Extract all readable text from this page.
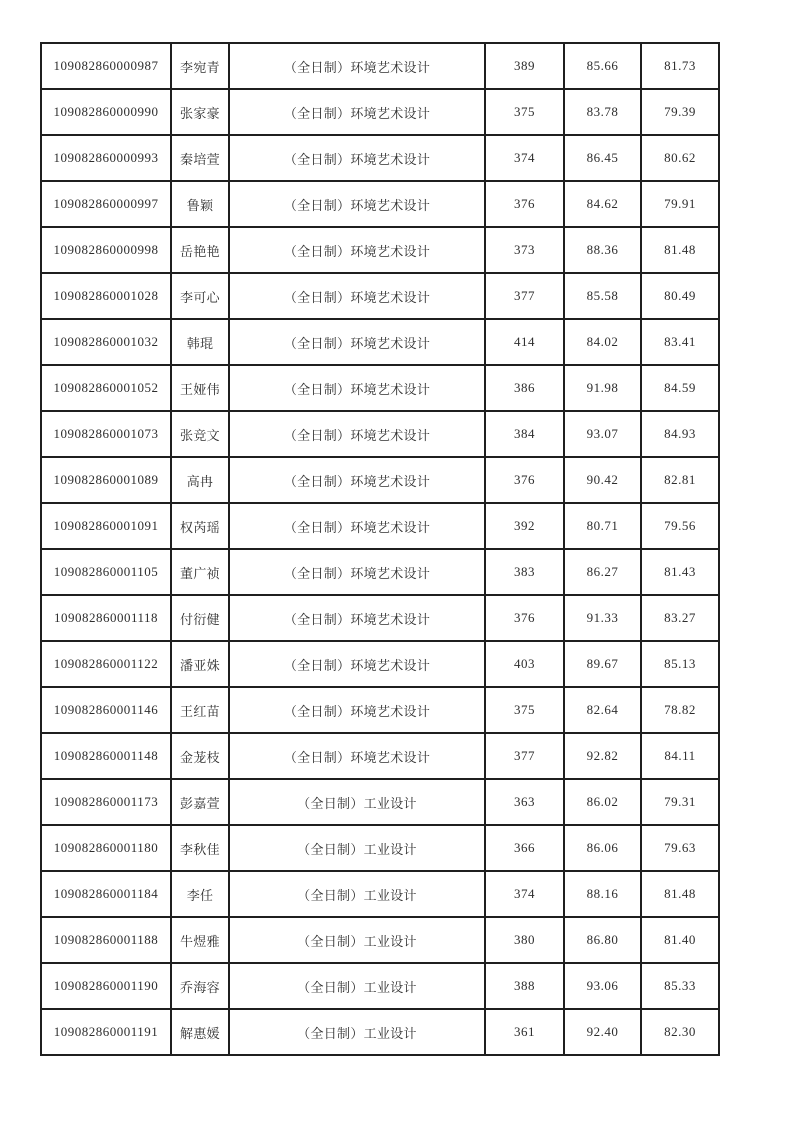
109082860000987	李宛青	（全日制）环境艺术设计	389	85.66	81.73
109082860000990	张家豪	（全日制）环境艺术设计	375	83.78	79.39
109082860000993	秦培萱	（全日制）环境艺术设计	374	86.45	80.62
109082860000997	鲁颖	（全日制）环境艺术设计	376	84.62	79.91
109082860000998	岳艳艳	（全日制）环境艺术设计	373	88.36	81.48
109082860001028	李可心	（全日制）环境艺术设计	377	85.58	80.49
109082860001032	韩琨	（全日制）环境艺术设计	414	84.02	83.41
109082860001052	王娅伟	（全日制）环境艺术设计	386	91.98	84.59
109082860001073	张竞文	（全日制）环境艺术设计	384	93.07	84.93
109082860001089	高冉	（全日制）环境艺术设计	376	90.42	82.81
109082860001091	权芮瑶	（全日制）环境艺术设计	392	80.71	79.56
109082860001105	董广祯	（全日制）环境艺术设计	383	86.27	81.43
109082860001118	付衍健	（全日制）环境艺术设计	376	91.33	83.27
109082860001122	潘亚姝	（全日制）环境艺术设计	403	89.67	85.13
109082860001146	王红苗	（全日制）环境艺术设计	375	82.64	78.82
109082860001148	金茏枝	（全日制）环境艺术设计	377	92.82	84.11
109082860001173	彭嘉萱	（全日制）工业设计	363	86.02	79.31
109082860001180	李秋佳	（全日制）工业设计	366	86.06	79.63
109082860001184	李任	（全日制）工业设计	374	88.16	81.48
109082860001188	牛煜雅	（全日制）工业设计	380	86.80	81.40
109082860001190	乔海容	（全日制）工业设计	388	93.06	85.33
109082860001191	解惠媛	（全日制）工业设计	361	92.40	82.30
